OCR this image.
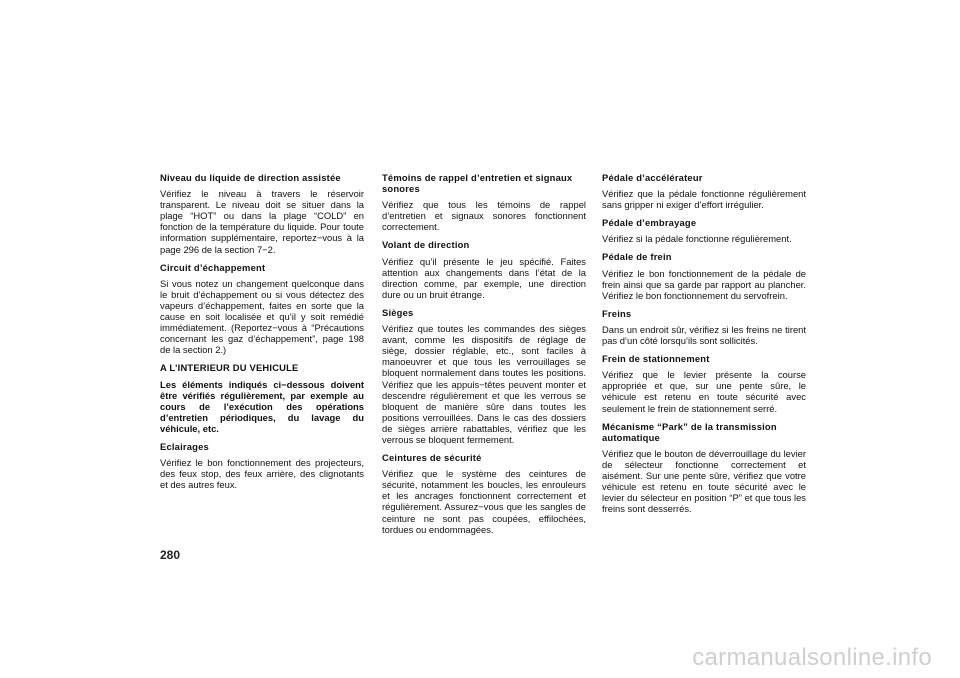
Niveau du liquide de direction assistée
Vérifiez le niveau à travers le réservoir transparent. Le niveau doit se situer dans la plage “HOT” ou dans la plage “COLD” en fonction de la température du liquide. Pour toute information supplémentaire, reportez−vous à la page 296 de la section 7−2.
Circuit d’échappement
Si vous notez un changement quelconque dans le bruit d’échappement ou si vous détectez des vapeurs d’échappement, faites en sorte que la cause en soit localisée et qu’il y soit remédié immédiatement. (Reportez−vous à “Précautions concernant les gaz d’échappement”, page 198 de la section 2.)
A L’INTERIEUR DU VEHICULE
Les éléments indiqués ci−dessous doivent être vérifiés régulièrement, par exemple au cours de l’exécution des opérations d’entretien périodiques, du lavage du véhicule, etc.
Eclairages
Vérifiez le bon fonctionnement des projecteurs, des feux stop, des feux arrière, des clignotants et des autres feux.
Témoins de rappel d’entretien et signaux sonores
Vérifiez que tous les témoins de rappel d’entretien et signaux sonores fonctionnent correctement.
Volant de direction
Vérifiez qu’il présente le jeu spécifié. Faites attention aux changements dans l’état de la direction comme, par exemple, une direction dure ou un bruit étrange.
Sièges
Vérifiez que toutes les commandes des sièges avant, comme les dispositifs de réglage de siège, dossier réglable, etc., sont faciles à manoeuvrer et que tous les verrouillages se bloquent normalement dans toutes les positions. Vérifiez que les appuis−têtes peuvent monter et descendre régulièrement et que les verrous se bloquent de manière sûre dans toutes les positions verrouillées. Dans le cas des dossiers de sièges arrière rabattables, vérifiez que les verrous se bloquent fermement.
Ceintures de sécurité
Vérifiez que le système des ceintures de sécurité, notamment les boucles, les enrouleurs et les ancrages fonctionnent correctement et régulièrement. Assurez−vous que les sangles de ceinture ne sont pas coupées, effilochées, tordues ou endommagées.
Pédale d’accélérateur
Vérifiez que la pédale fonctionne régulièrement sans gripper ni exiger d’effort irrégulier.
Pédale d’embrayage
Vérifiez si la pédale fonctionne régulièrement.
Pédale de frein
Vérifiez le bon fonctionnement de la pédale de frein ainsi que sa garde par rapport au plancher. Vérifiez le bon fonctionnement du servofrein.
Freins
Dans un endroit sûr, vérifiez si les freins ne tirent pas d’un côté lorsqu’ils sont sollicités.
Frein de stationnement
Vérifiez que le levier présente la course appropriée et que, sur une pente sûre, le véhicule est retenu en toute sécurité avec seulement le frein de stationnement serré.
Mécanisme “Park” de la transmission automatique
Vérifiez que le bouton de déverrouillage du levier de sélecteur fonctionne correctement et aisément. Sur une pente sûre, vérifiez que votre véhicule est retenu en toute sécurité avec le levier du sélecteur en position “P” et que tous les freins sont desserrés.
280
carmanualsonline.info
